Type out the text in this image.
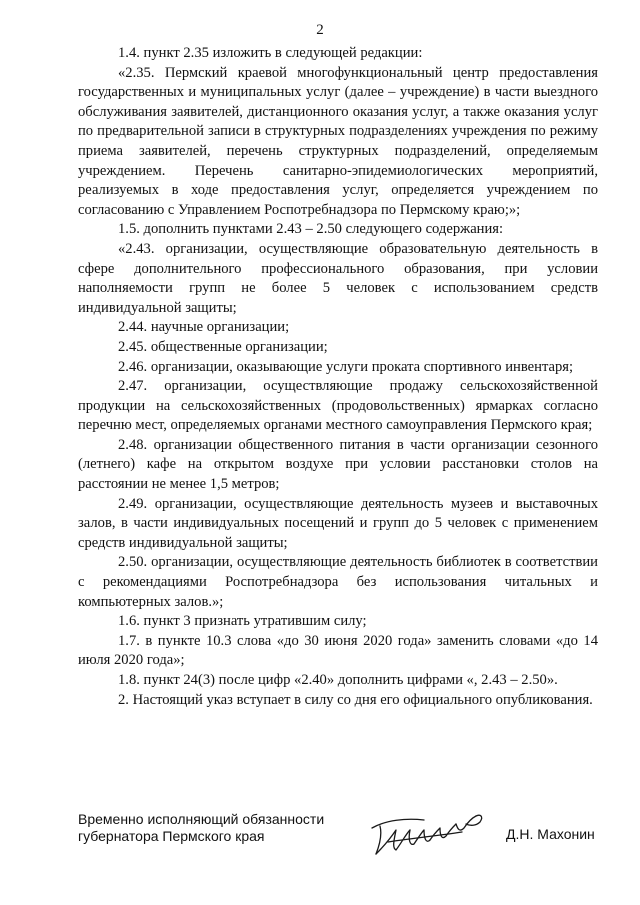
2

1.4. пункт 2.35 изложить в следующей редакции:

«2.35. Пермский краевой многофункциональный центр предоставления государственных и муниципальных услуг (далее – учреждение) в части выездного обслуживания заявителей, дистанционного оказания услуг, а также оказания услуг по предварительной записи в структурных подразделениях учреждения по режиму приема заявителей, перечень структурных подразделений, определяемым учреждением. Перечень санитарно-эпидемиологических мероприятий, реализуемых в ходе предоставления услуг, определяется учреждением по согласованию с Управлением Роспотребнадзора по Пермскому краю;»;

1.5. дополнить пунктами 2.43 – 2.50 следующего содержания:

«2.43. организации, осуществляющие образовательную деятельность в сфере дополнительного профессионального образования, при условии наполняемости групп не более 5 человек с использованием средств индивидуальной защиты;

2.44. научные организации;

2.45. общественные организации;

2.46. организации, оказывающие услуги проката спортивного инвентаря;

2.47. организации, осуществляющие продажу сельскохозяйственной продукции на сельскохозяйственных (продовольственных) ярмарках согласно перечню мест, определяемых органами местного самоуправления Пермского края;

2.48. организации общественного питания в части организации сезонного (летнего) кафе на открытом воздухе при условии расстановки столов на расстоянии не менее 1,5 метров;

2.49. организации, осуществляющие деятельность музеев и выставочных залов, в части индивидуальных посещений и групп до 5 человек с применением средств индивидуальной защиты;

2.50. организации, осуществляющие деятельность библиотек в соответствии с рекомендациями Роспотребнадзора без использования читальных и компьютерных залов.»;

1.6. пункт 3 признать утратившим силу;

1.7. в пункте 10.3 слова «до 30 июня 2020 года» заменить словами «до 14 июля 2020 года»;

1.8. пункт 24(3) после цифр «2.40» дополнить цифрами «, 2.43 – 2.50».

2. Настоящий указ вступает в силу со дня его официального опубликования.

Временно исполняющий обязанности
губернатора Пермского края	Д.Н. Махонин
